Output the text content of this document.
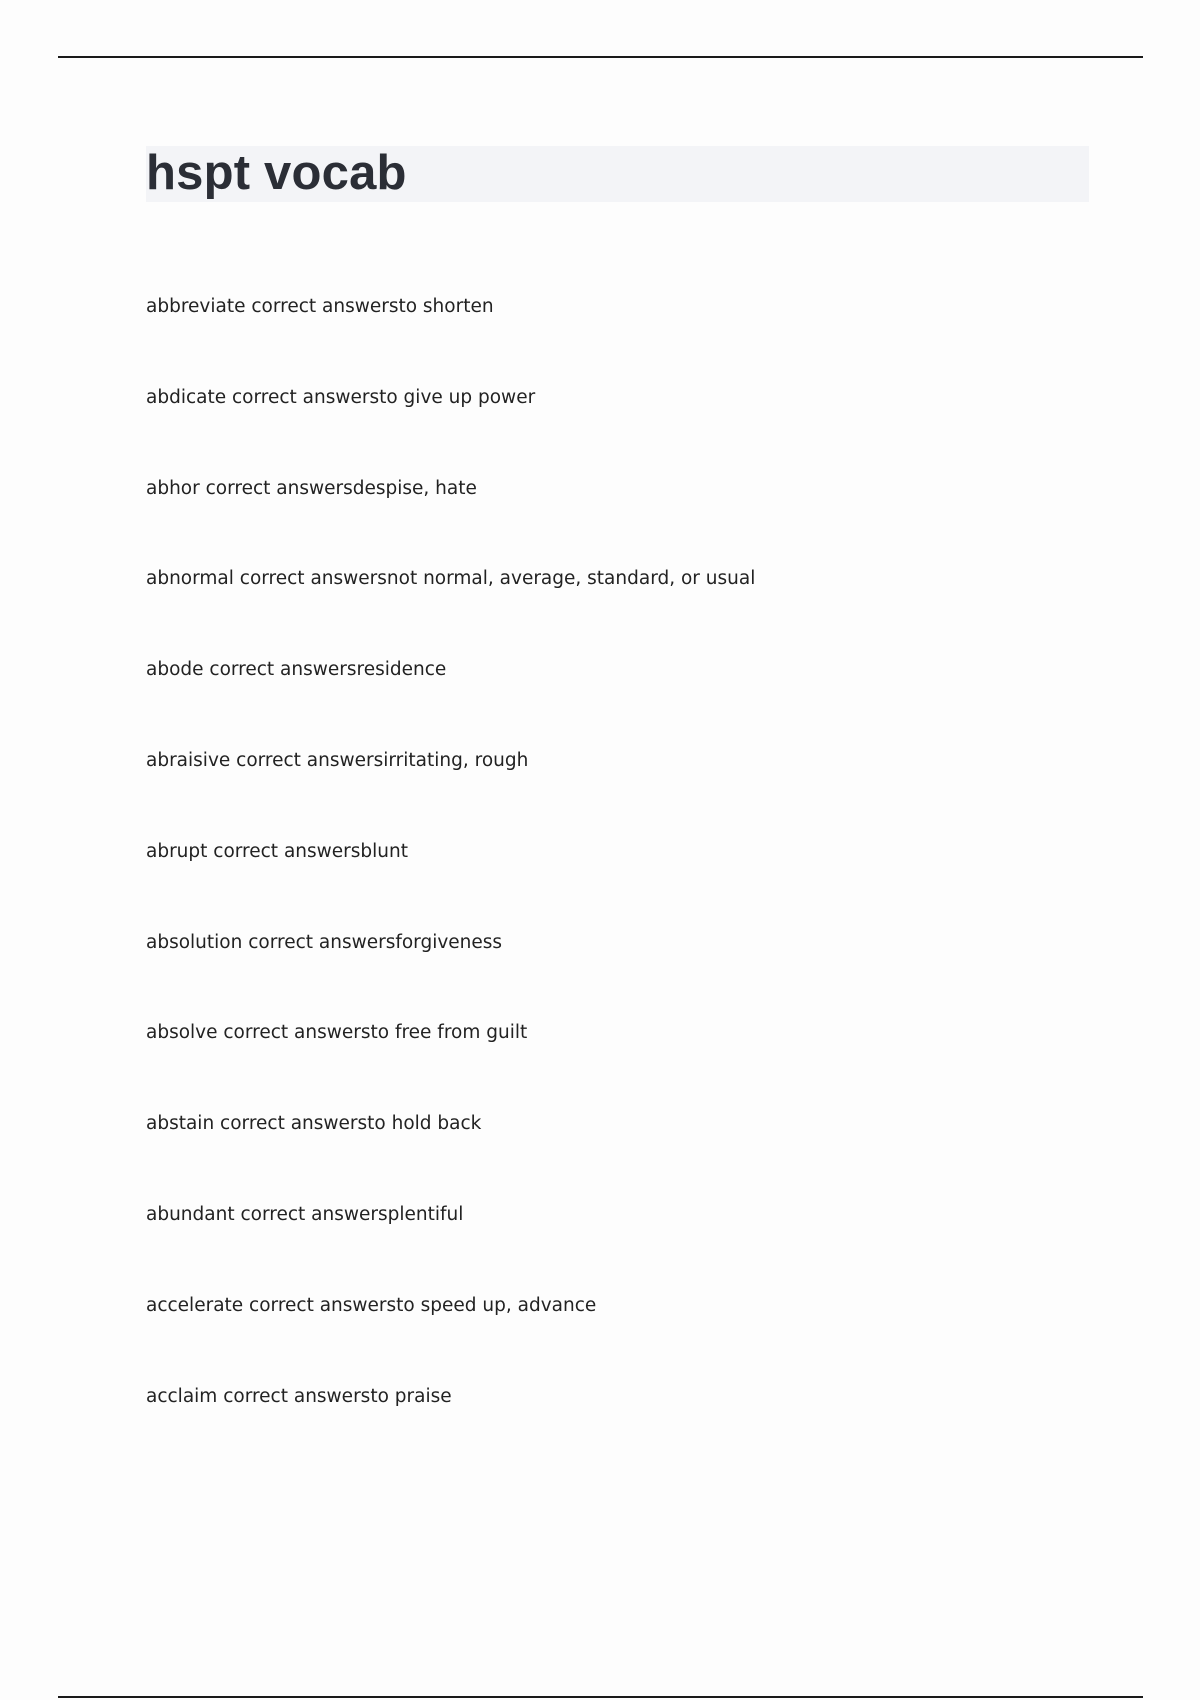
hspt vocab
abbreviate correct answersto shorten
abdicate correct answersto give up power
abhor correct answersdespise, hate
abnormal correct answersnot normal, average, standard, or usual
abode correct answersresidence
abraisive correct answersirritating, rough
abrupt correct answersblunt
absolution correct answersforgiveness
absolve correct answersto free from guilt
abstain correct answersto hold back
abundant correct answersplentiful
accelerate correct answersto speed up, advance
acclaim correct answersto praise
